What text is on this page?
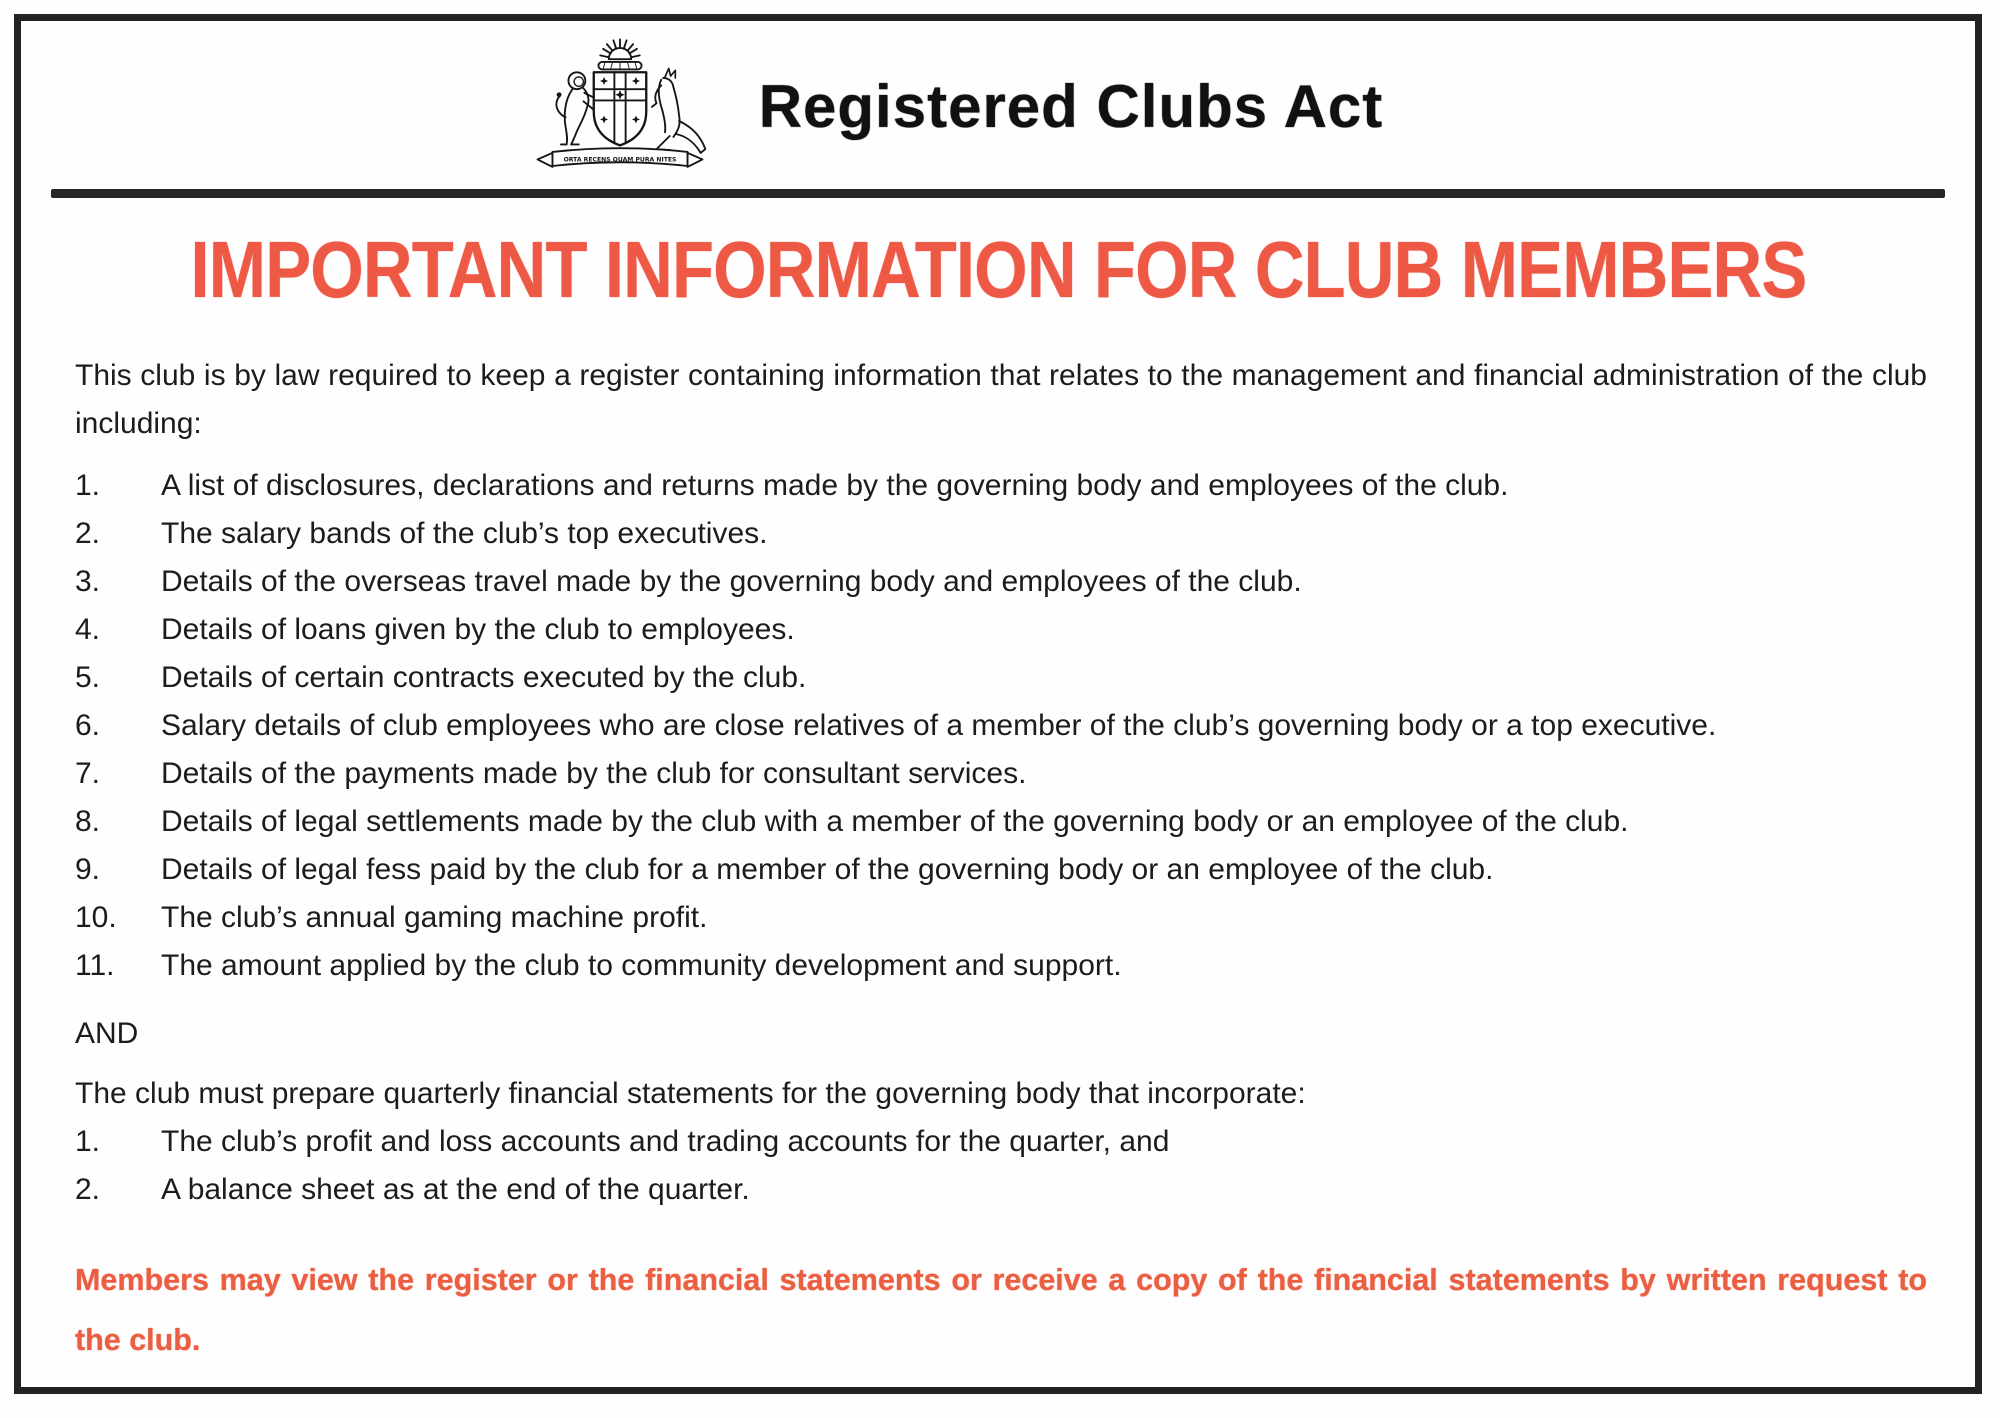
ORTA RECENS QUAM PURA NITES
Registered Clubs Act
IMPORTANT INFORMATION FOR CLUB MEMBERS

This club is by law required to keep a register containing information that relates to the management and financial administration of the club including:

1.	A list of disclosures, declarations and returns made by the governing body and employees of the club.
2.	The salary bands of the club’s top executives.
3.	Details of the overseas travel made by the governing body and employees of the club.
4.	Details of loans given by the club to employees.
5.	Details of certain contracts executed by the club.
6.	Salary details of club employees who are close relatives of a member of the club’s governing body or a top executive.
7.	Details of the payments made by the club for consultant services.
8.	Details of legal settlements made by the club with a member of the governing body or an employee of the club.
9.	Details of legal fess paid by the club for a member of the governing body or an employee of the club.
10.	The club’s annual gaming machine profit.
11.	The amount applied by the club to community development and support.

AND

The club must prepare quarterly financial statements for the governing body that incorporate:

1.	The club’s profit and loss accounts and trading accounts for the quarter, and
2.	A balance sheet as at the end of the quarter.

Members may view the register or the financial statements or receive a copy of the financial statements by written request to the club.
